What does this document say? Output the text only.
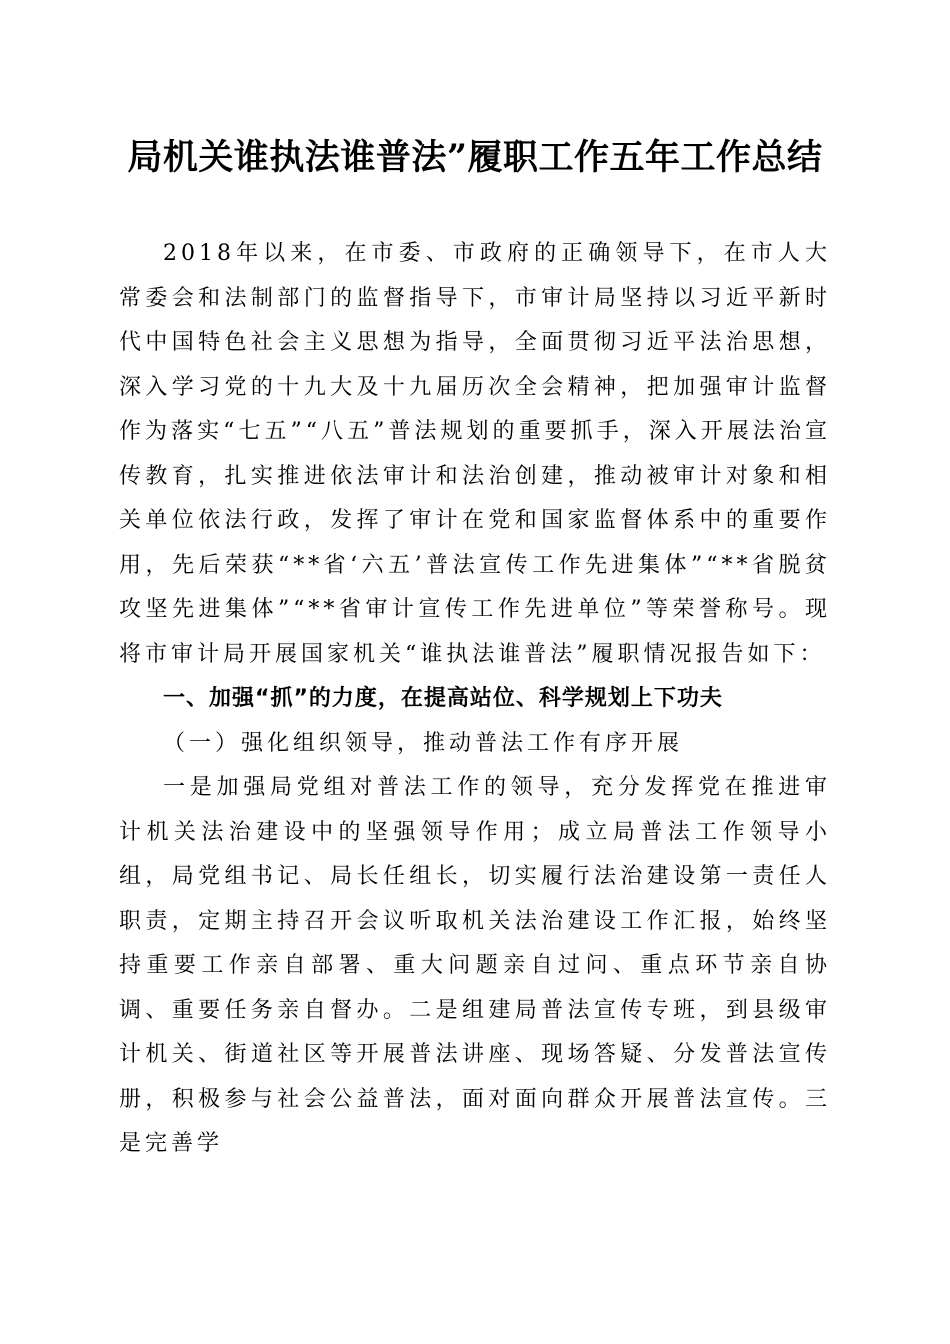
局机关谁执法谁普法”履职工作五年工作总结

2018年以来，在市委、市政府的正确领导下，在市人大常委会和法制部门的监督指导下，市审计局坚持以习近平新时代中国特色社会主义思想为指导，全面贯彻习近平法治思想，深入学习党的十九大及十九届历次全会精神，把加强审计监督作为落实“七五”“八五”普法规划的重要抓手，深入开展法治宣传教育，扎实推进依法审计和法治创建，推动被审计对象和相关单位依法行政，发挥了审计在党和国家监督体系中的重要作用，先后荣获“**省‘六五’普法宣传工作先进集体”“**省脱贫攻坚先进集体”“**省审计宣传工作先进单位”等荣誉称号。现将市审计局开展国家机关“谁执法谁普法”履职情况报告如下：

一、加强“抓”的力度，在提高站位、科学规划上下功夫

（一）强化组织领导，推动普法工作有序开展

一是加强局党组对普法工作的领导，充分发挥党在推进审计机关法治建设中的坚强领导作用；成立局普法工作领导小组，局党组书记、局长任组长，切实履行法治建设第一责任人职责，定期主持召开会议听取机关法治建设工作汇报，始终坚持重要工作亲自部署、重大问题亲自过问、重点环节亲自协调、重要任务亲自督办。二是组建局普法宣传专班，到县级审计机关、街道社区等开展普法讲座、现场答疑、分发普法宣传册，积极参与社会公益普法，面对面向群众开展普法宣传。三是完善学
